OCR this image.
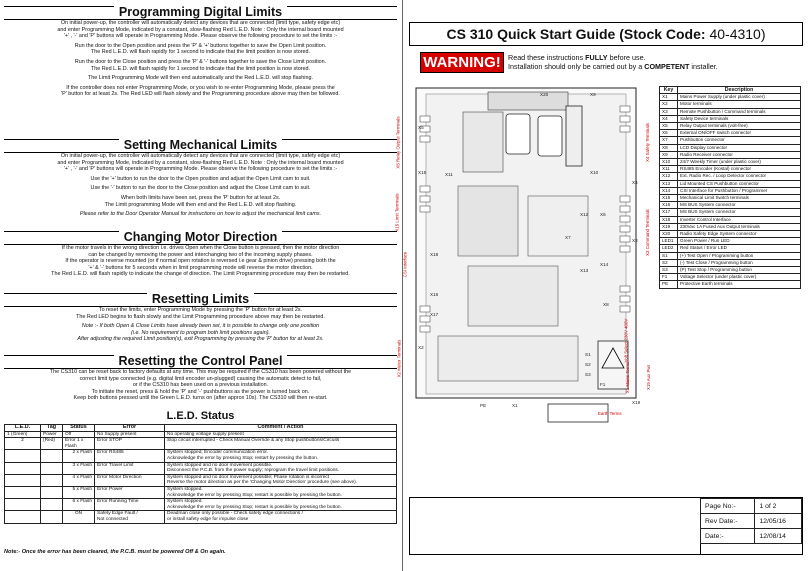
Programming Digital Limits
On initial power-up, the controller will automatically detect any devices that are connected (limit type, safety edge etc)
and enter Programming Mode, indicated by a constant, slow-flashing Red L.E.D. Note : Only the internal board mounted
'+' , '-' and 'P' buttons will operate in Programming Mode. Please observe the following procedure to set the limits :-
Run the door to the Open position and press the 'P' & '+' buttons together to save the Open Limit position.
The Red L.E.D. will flash rapidly for 1 second to indicate that the limit position is now stored.
Run the door to the Close position and press the 'P' & '-' buttons together to save the Close Limit position.
The Red L.E.D. will flash rapidly for 1 second to indicate that the limit position is now stored.
The Limit Programming Mode will then end automatically and the Red L.E.D. will stop flashing.
If the controller does not enter Programming Mode, or you wish to re-enter Programming Mode, please press the
'P' button for at least 2s. The Red LED will flash slowly and the Programming procedure above may then be followed.
Setting Mechanical Limits
On initial power-up, the controller will automatically detect any devices that are connected (limit type, safety edge etc)
and enter Programming Mode, indicated by a constant, slow-flashing Red L.E.D. Note : Only the internal board mounted
'+' , '-' and 'P' buttons will operate in Programming Mode. Please observe the following procedure to set the limits :-
Use the '+' button to run the door to the Open position and adjust the Open Limit cam to suit.
Use the '-' button to run the door to the Close position and adjust the Close Limit cam to suit.
When both limits have been set, press the 'P' button for at least 2s.
The Limit programming Mode will then end and the Red L.E.D. will stop flashing.
Please refer to the Door Operator Manual for instructions on how to adjust the mechanical limit cams.
Changing Motor Direction
If the motor travels in the wrong direction i.e. drives Open when the Close button is pressed, then the motor direction
can be changed by removing the power and interchanging two of the incoming supply phases.
If the operator is reverse mounted (or if normal open rotation is reversed i.e gear & pinion drive) pressing both the
'+' & '-' buttons for 5 seconds when in limit programming mode will reverse the motor direction.
The Red L.E.D. will flash rapidly to indicate the change of direction. The Limit Programming procedure may then be restarted.
Resetting Limits
To reset the limits, enter Programming Mode by pressing the 'P' button for at least 2s.
The Red LED begins to flash slowly and the Limit Programming procedure above may then be restarted.
Note :- If both Open & Close Limits have already been set, it is possible to change only one position
(i.e. No requirement to program both limit positions again).
After adjusting the required Limit position(s), exit Programming by pressing the 'P' button for at least 2s.
Resetting the Control Panel
The CS310 can be reset back to factory defaults at any time. This may be required if the CS310 has been powered without the
correct limit type connected (e.g. digital limit encoder un-plugged) causing the automatic detect to fail,
or if the CS310 has been used on a previous installation.
To initiate the reset, press & hold the 'P' and '-' pushbuttons as the power is turned back on.
Keep both buttons pressed until the Green L.E.D. turns on (after approx 10s). The CS310 will then re-start.
L.E.D. Status
L.E.D.	Tag	Status	Error	Comment / Action
1 (Green)	Power	Off	No Supply present	No operating voltage supply present
2	(Red)	Error 1 x Flash	Error STOP	Stop circuit interrupted - Check Manual Override & any Stop pushbuttons/Circuits
		2 x Flash	Error RS485	System stopped; Encoder communication error.
Acknowledge the error by pressing Stop; restart by pressing the button.
		3 x Flash	Error Travel Limit	System stopped and no door movement possible.
Disconnect the P.C.B. from the power supply; reprogram the travel limit positions.
		4 x Flash	Error Motor Direction	System stopped and no door movement possible; Phase rotation is incorrect
Reverse the motor direction as per the 'Changing Motor Direction' procedure (see above).
		5 x Flash	Error Power	System stopped.
Acknowledge the error by pressing Stop; restart is possible by pressing the button.
		6 x Flash	Error Running Time	System stopped.
Acknowledge the error by pressing Stop; restart is possible by pressing the button.
		ON	Safety Edge Fault /
Not connected	Deadman close only possible - Check safety edge connections /
or install safety edge for impulse close
Note:- Once the error has been cleared, the P.C.B. must be powered Off & On again.
CS 310 Quick Start Guide (Stock Code: 40-4310)
WARNING!	Read these instructions FULLY before use.
Installation should only be carried out by a COMPETENT installer.
X20	X9
X1
X2
X3
X4
X5
X6
X7
X8
X10
X11
X12
X13
X14
X15
X16
X17
X18
X19
S1
S2
S3
F1
PE
X5 Relay Output Terminals
X15 Limit Terminals
X2 Motor Terminals
X4 Safety Terminals
X3 Command Terminals
X1 Mains Terms	X19 Aux Pwr
Volt Select 230V 400V
CSI Interface
Earth Terms
Key	Description
X1	Mains Power Supply (under plastic cover)
X2	Motor terminals
X3	Remote Pushbutton / Command terminals
X4	Safety Device terminals
X5	Relay Output terminals (volt-free)
X6	External ON/OFF switch connector
X7	Pushbutton connector
X8	LCD Display connector
X9	Radio Receiver connector
X10	24/7 Weekly Timer (under plastic cover)
X11	RS485 Encoder (Kostal) connector
X12	Ext. Radio Rec. / Loop Detector connector
X13	Lid Mounted CS Pushbutton connector
X14	CSI Interface for Pushbutton / Programmer
X15	Mechanical Limit Switch terminals
X16	MS BUS System connector
X17	MS BUS System connector
X18	Inverter Control Interface
X19	230Vac 1A Fused Aux Output terminals
X20	Radio Safety Edge System connector
LED1	Green Power / Run LED
LED2	Red Status / Error LED
S1	(+) Test Open / Programming button
S2	(-) Test Close / Programming button
S3	(P) Test Stop / Programming button
F1	Voltage Selector (under plastic cover)
PE	Protective Earth terminals
Page No:-	1 of 2
Rev Date:-	12/05/16
Date:-	12/08/14
